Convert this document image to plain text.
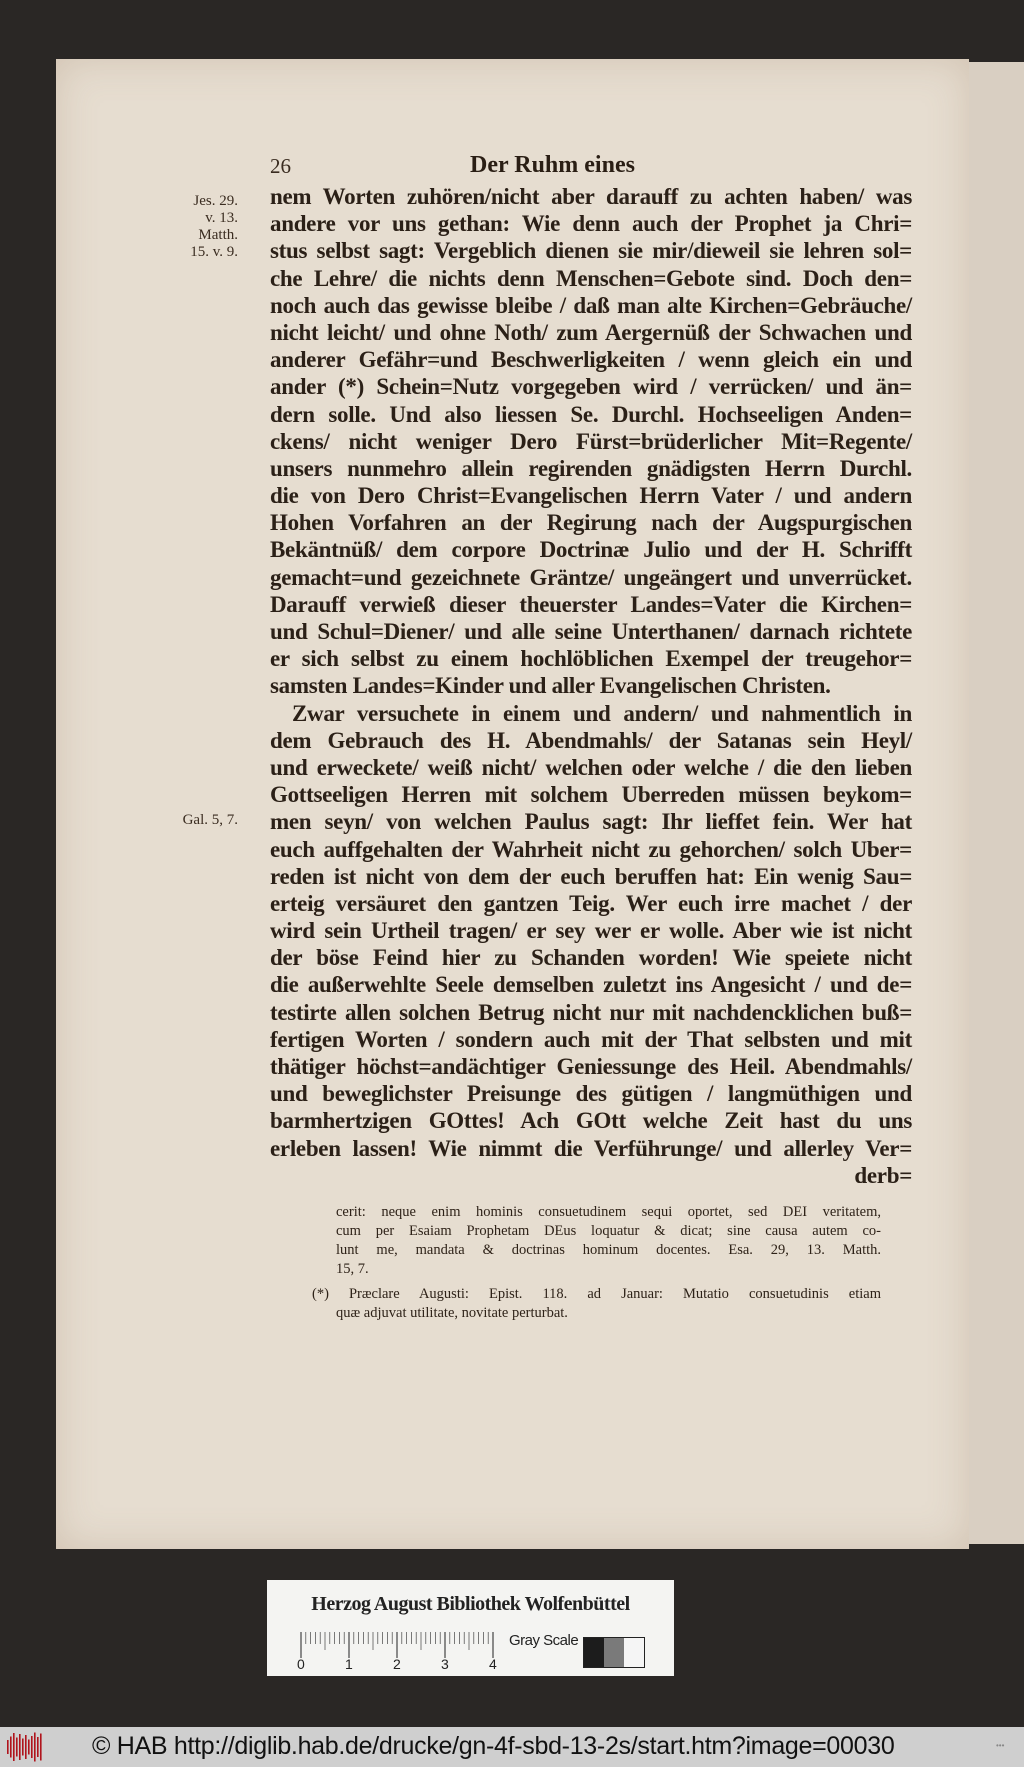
26	Der Ruhm eines
Jes. 29.
v. 13.
Matth.
15. v. 9.
Gal. 5, 7.
nem Worten zuhören/nicht aber darauff zu achten haben/ was
andere vor uns gethan: Wie denn auch der Prophet ja Chri=
stus selbst sagt: Vergeblich dienen sie mir/dieweil sie lehren sol=
che Lehre/ die nichts denn Menschen=Gebote sind. Doch den=
noch auch das gewisse bleibe / daß man alte Kirchen=Gebräuche/
nicht leicht/ und ohne Noth/ zum Aergernüß der Schwachen und
anderer Gefähr=und Beschwerligkeiten / wenn gleich ein und
ander (*) Schein=Nutz vorgegeben wird / verrücken/ und än=
dern solle. Und also liessen Se. Durchl. Hochseeligen Anden=
ckens/ nicht weniger Dero Fürst=brüderlicher Mit=Regente/
unsers nunmehro allein regirenden gnädigsten Herrn Durchl.
die von Dero Christ=Evangelischen Herrn Vater / und andern
Hohen Vorfahren an der Regirung nach der Augspurgischen
Bekäntnüß/ dem corpore Doctrinæ Julio und der H. Schrifft
gemacht=und gezeichnete Gräntze/ ungeängert und unverrücket.
Darauff verwieß dieser theuerster Landes=Vater die Kirchen=
und Schul=Diener/ und alle seine Unterthanen/ darnach richtete
er sich selbst zu einem hochlöblichen Exempel der treugehor=
samsten Landes=Kinder und aller Evangelischen Christen.
Zwar versuchete in einem und andern/ und nahmentlich in
dem Gebrauch des H. Abendmahls/ der Satanas sein Heyl/
und erweckete/ weiß nicht/ welchen oder welche / die den lieben
Gottseeligen Herren mit solchem Uberreden müssen beykom=
men seyn/ von welchen Paulus sagt: Ihr lieffet fein. Wer hat
euch auffgehalten der Wahrheit nicht zu gehorchen/ solch Uber=
reden ist nicht von dem der euch beruffen hat: Ein wenig Sau=
erteig versäuret den gantzen Teig. Wer euch irre machet / der
wird sein Urtheil tragen/ er sey wer er wolle. Aber wie ist nicht
der böse Feind hier zu Schanden worden! Wie speiete nicht
die außerwehlte Seele demselben zuletzt ins Angesicht / und de=
testirte allen solchen Betrug nicht nur mit nachdencklichen buß=
fertigen Worten / sondern auch mit der That selbsten und mit
thätiger höchst=andächtiger Geniessunge des Heil. Abendmahls/
und beweglichster Preisunge des gütigen / langmüthigen und
barmhertzigen GOttes! Ach GOtt welche Zeit hast du uns
erleben lassen! Wie nimmt die Verführunge/ und allerley Ver=
derb=
cerit: neque enim hominis consuetudinem sequi oportet, sed DEI veritatem,
cum per Esaiam Prophetam DEus loquatur & dicat; sine causa autem co-
lunt me, mandata & doctrinas hominum docentes. Esa. 29, 13. Matth.
15, 7.
(*) Præclare Augusti: Epist. 118. ad Januar: Mutatio consuetudinis etiam
quæ adjuvat utilitate, novitate perturbat.
Herzog August Bibliothek Wolfenbüttel
0	1	2	3	4
Gray Scale
© HAB http://diglib.hab.de/drucke/gn-4f-sbd-13-2s/start.htm?image=00030	•••
